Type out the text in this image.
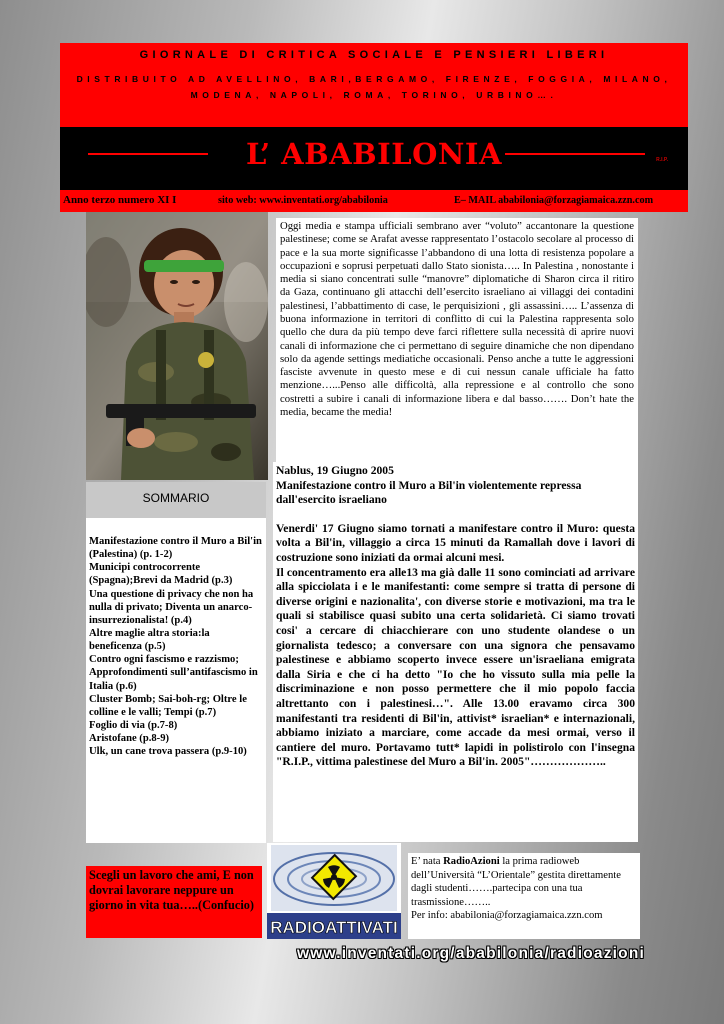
GIORNALE DI CRITICA SOCIALE E PENSIERI LIBERI
DISTRIBUITO AD AVELLINO, BARI,BERGAMO, FIRENZE, FOGGIA, MILANO,
MODENA, NAPOLI, ROMA, TORINO, URBINO….
L’ ABABILONIA	R.I.P.
Anno terzo numero XI I	sito web: www.inventati.org/ababilonia	E– MAIL ababilonia@forzagiamaica.zzn.com
Oggi media e stampa ufficiali sembrano aver “voluto” accantonare la questione palestinese; come se Arafat avesse rappresentato l’ostacolo secolare al processo di pace e la sua morte significasse l’abbandono di una lotta di resistenza popolare a occupazioni e soprusi perpetuati dallo Stato sionista….. In Palestina , nonostante i media si siano concentrati sulle “manovre” diplomatiche di Sharon circa il ritiro da Gaza, continuano gli attacchi dell’esercito israeliano ai villaggi dei contadini palestinesi, l’abbattimento di case, le perquisizioni , gli assassini….. L’assenza di buona informazione in territori di conflitto di cui la Palestina rappresenta solo quello che dura da più tempo deve farci riflettere sulla necessità di aprire nuovi canali di informazione che ci permettano di seguire dinamiche che non dipendano solo da agende settings mediatiche occasionali. Penso anche a tutte le aggressioni fasciste avvenute in questo mese e di cui nessun canale ufficiale ha fatto menzione…...Penso alle difficoltà, alla repressione e al controllo che sono costretti a subire i canali di informazione libera e dal basso……. Don’t hate the media, became the media!

Nablus, 19 Giugno 2005

Manifestazione contro il Muro a Bil'in violentemente repressa dall'esercito israeliano

Venerdi' 17 Giugno siamo tornati a manifestare contro il Muro: questa volta a Bil'in, villaggio a circa 15 minuti da Ramallah dove i lavori di costruzione sono iniziati da ormai alcuni mesi.

Il concentramento era alle13 ma già dalle 11 sono cominciati ad arrivare alla spicciolata i e le manifestanti: come sempre si tratta di persone di diverse origini e nazionalita', con diverse storie e motivazioni, ma tra le quali si stabilisce quasi subito una certa solidarietà. Ci siamo trovati cosi' a cercare di chiacchierare con uno studente olandese o un giornalista tedesco; a conversare con una signora che pensavamo palestinese e abbiamo scoperto invece essere un'israeliana emigrata dalla Siria e che ci ha detto "Io che ho vissuto sulla mia pelle la discriminazione e non posso permettere che il mio popolo faccia altrettanto con i palestinesi…". Alle 13.00 eravamo circa 300 manifestanti tra residenti di Bil'in, attivist* israelian* e internazionali, abbiamo iniziato a marciare, come accade da mesi ormai, verso il cantiere del muro. Portavamo tutt* lapidi in polistirolo con l'insegna "R.I.P., vittima palestinese del Muro a Bil'in. 2005"………………..

SOMMARIO
Manifestazione contro il Muro a Bil'in (Palestina) (p. 1-2)
Municipi controcorrente (Spagna);Brevi da Madrid (p.3)
Una questione di privacy che non ha nulla di privato; Diventa un anarco-insurrezionalista! (p.4)
Altre maglie altra storia:la beneficenza (p.5)
Contro ogni fascismo e razzismo; Approfondimenti sull’antifascismo in Italia (p.6)
Cluster Bomb; Sai-boh-rg; Oltre le colline e le valli; Tempi (p.7)
Foglio di via (p.7-8)
Aristofane (p.8-9)
Ulk, un cane trova passera (p.9-10)
Scegli un lavoro che ami, E non dovrai lavorare neppure un giorno in vita tua…..(Confucio)
RADIOATTIVATI
E’ nata RadioAzioni la prima radioweb dell’Università “L’Orientale” gestita direttamente dagli studenti…….partecipa con una tua trasmissione……..
Per info: ababilonia@forzagiamaica.zzn.com
www.inventati.org/ababilonia/radioazioni
